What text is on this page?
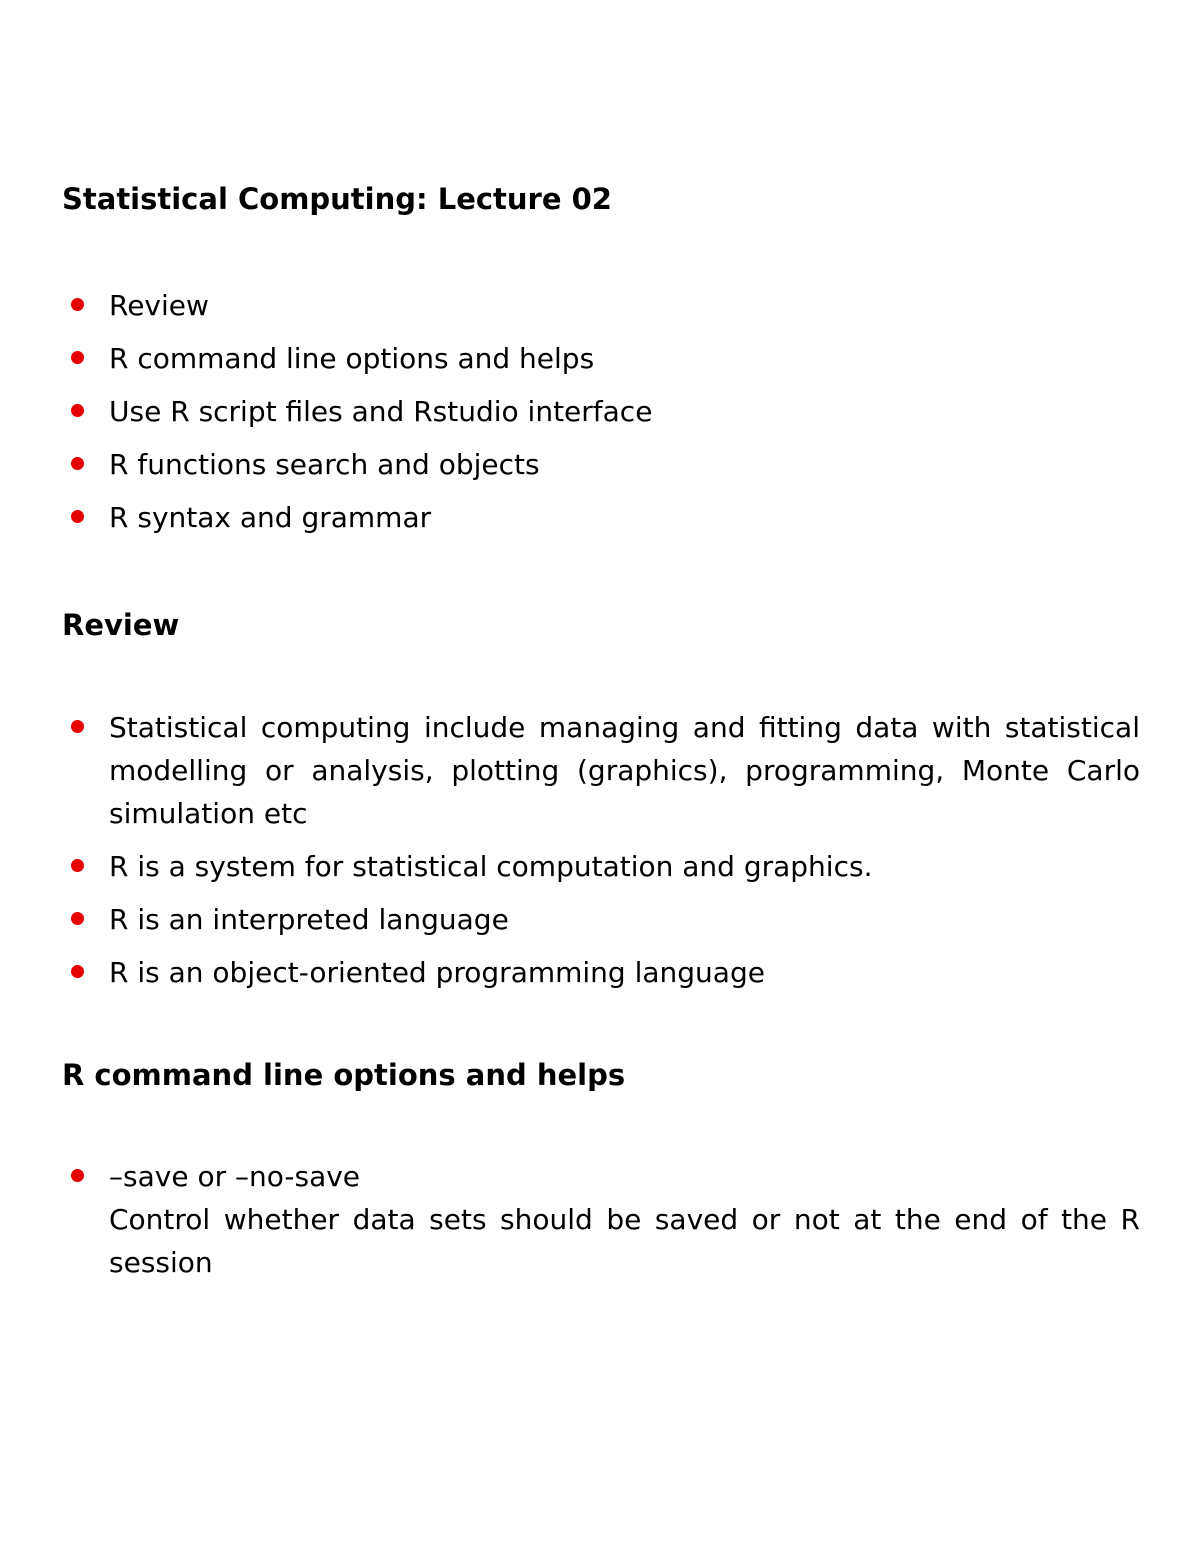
Statistical Computing: Lecture 02
Review
R command line options and helps
Use R script files and Rstudio interface
R functions search and objects
R syntax and grammar
Review
Statistical computing include managing and fitting data with statistical modelling or analysis, plotting (graphics), programming, Monte Carlo simulation etc
R is a system for statistical computation and graphics.
R is an interpreted language
R is an object-oriented programming language
R command line options and helps
–save or –no-save
Control whether data sets should be saved or not at the end of the R session
